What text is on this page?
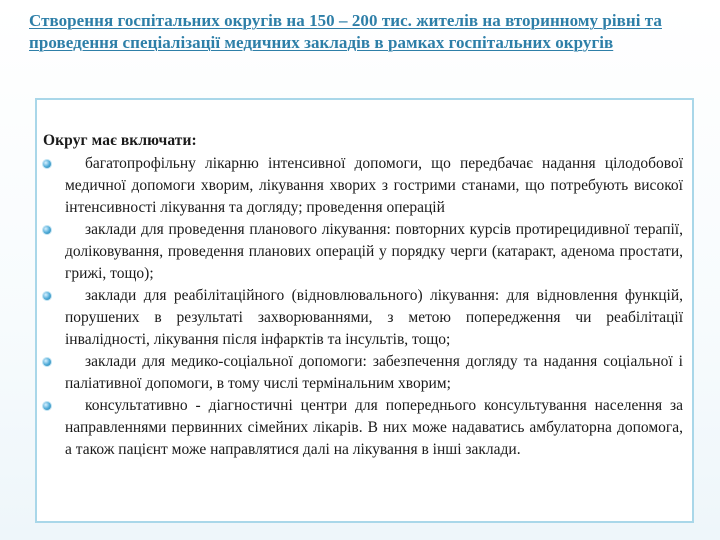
Створення госпітальних округів на 150 – 200 тис. жителів на вторинному рівні та проведення спеціалізації медичних закладів в рамках госпітальних округів

Округ має включати:

багатопрофільну лікарню інтенсивної допомоги, що передбачає надання цілодобової медичної допомоги хворим, лікування хворих з гострими станами, що потребують високої інтенсивності лікування та догляду; проведення операцій
заклади для проведення планового лікування: повторних курсів протирецидивної терапії, доліковування, проведення планових операцій у порядку черги (катаракт, аденома простати, грижі, тощо);
заклади для реабілітаційного (відновлювального) лікування: для відновлення функцій, порушених в результаті захворюваннями, з метою попередження чи реабілітації інвалідності, лікування після інфарктів та інсультів, тощо;
заклади для медико-соціальної допомоги: забезпечення догляду та надання соціальної і паліативної допомоги, в тому числі термінальним хворим;
консультативно - діагностичні центри для попереднього консультування населення за направленнями первинних сімейних лікарів. В них може надаватись амбулаторна допомога, а також пацієнт може направлятися далі на лікування в інші заклади.
